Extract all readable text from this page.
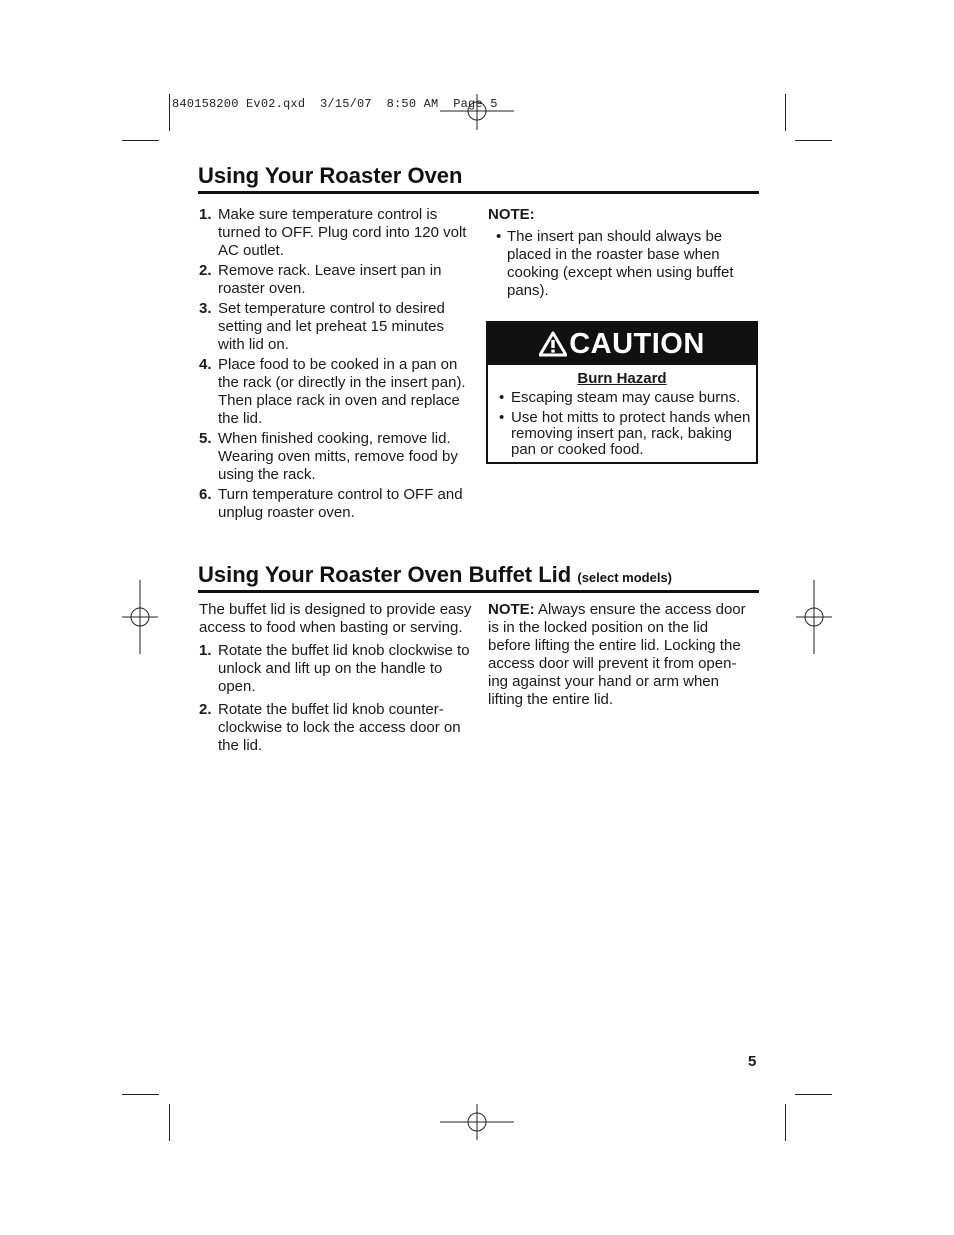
840158200 Ev02.qxd  3/15/07  8:50 AM  Page 5
Using Your Roaster Oven
1. Make sure temperature control is turned to OFF. Plug cord into 120 volt AC outlet.
2. Remove rack. Leave insert pan in roaster oven.
3. Set temperature control to desired setting and let preheat 15 minutes with lid on.
4. Place food to be cooked in a pan on the rack (or directly in the insert pan). Then place rack in oven and replace the lid.
5. When finished cooking, remove lid. Wearing oven mitts, remove food by using the rack.
6. Turn temperature control to OFF and unplug roaster oven.

NOTE:

• The insert pan should always be placed in the roaster base when cooking (except when using buffet pans).
CAUTION
Burn Hazard
• Escaping steam may cause burns.
• Use hot mitts to protect hands when removing insert pan, rack, baking pan or cooked food.
Using Your Roaster Oven Buffet Lid (select models)

The buffet lid is designed to provide easy access to food when basting or serving.

1. Rotate the buffet lid knob clockwise to unlock and lift up on the handle to open.
2. Rotate the buffet lid knob counter-clockwise to lock the access door on the lid.

NOTE: Always ensure the access door is in the locked position on the lid before lifting the entire lid. Locking the access door will prevent it from open-ing against your hand or arm when lifting the entire lid.

5
